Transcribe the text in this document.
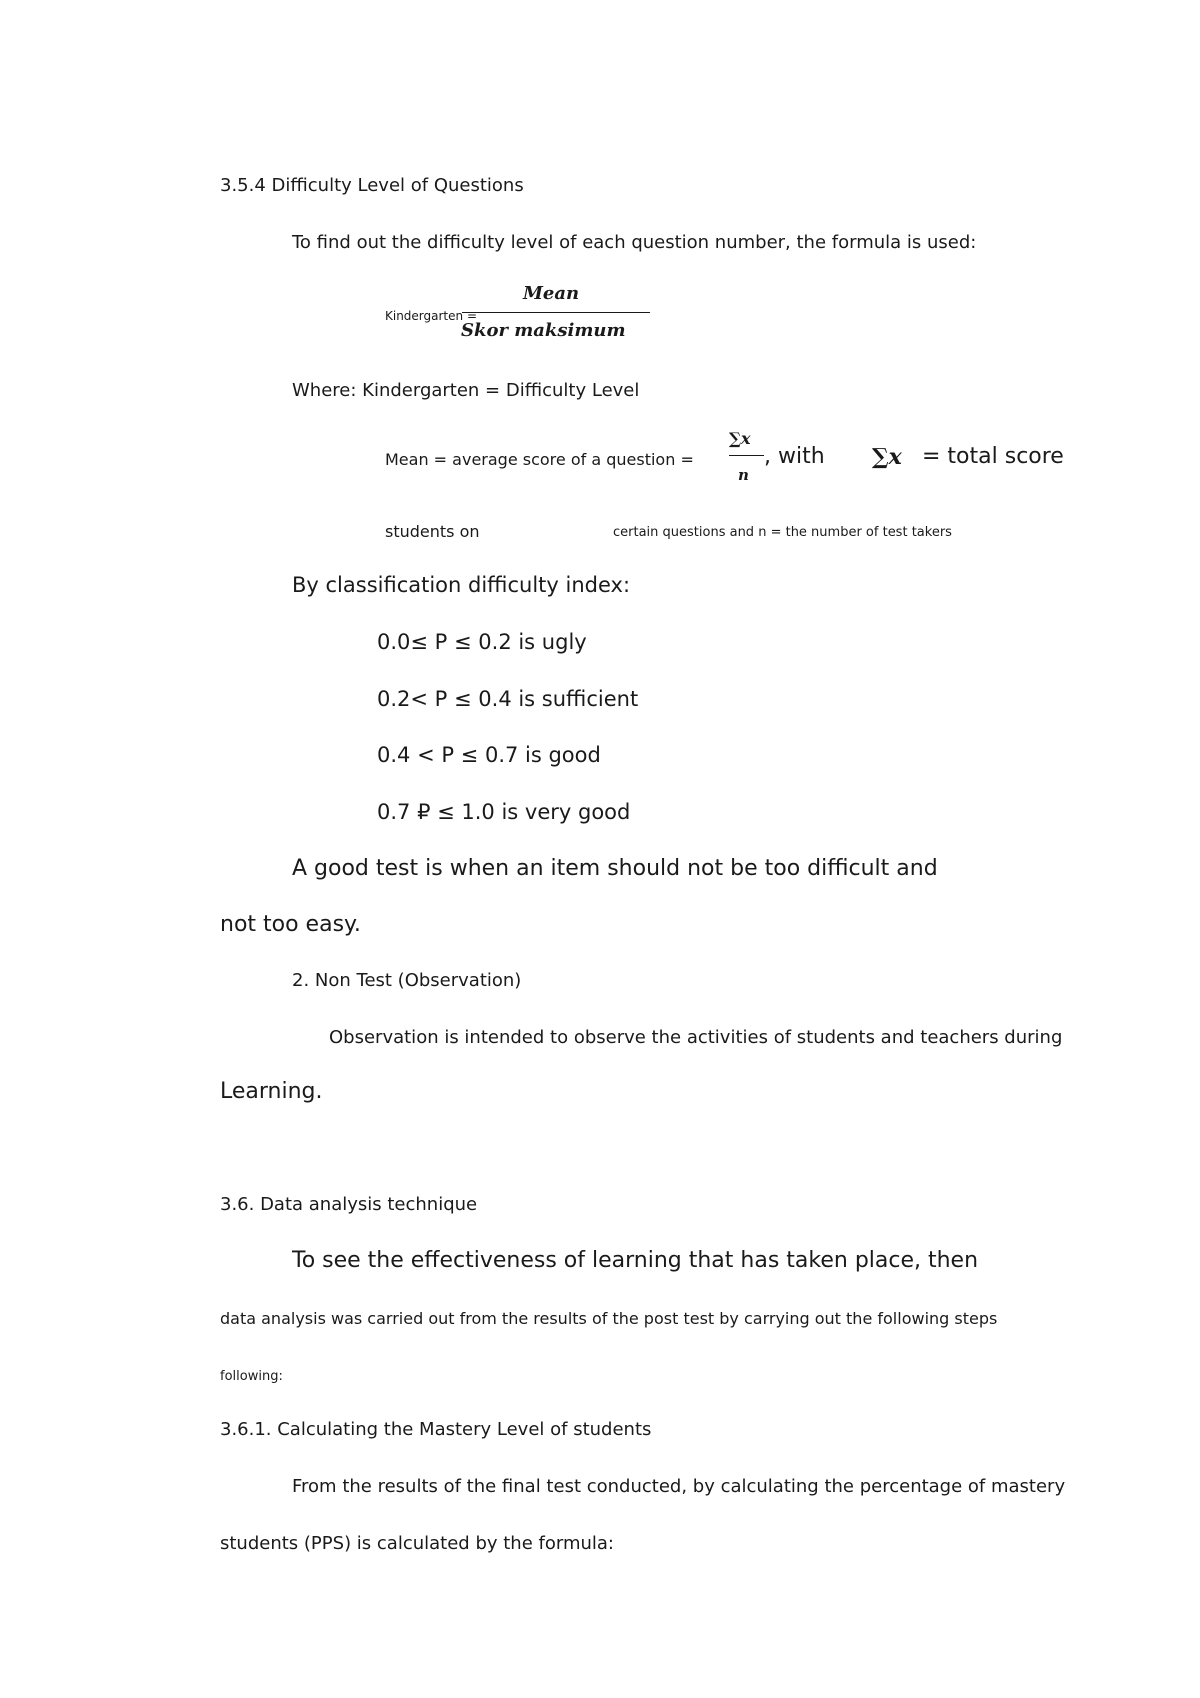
3.5.4 Difficulty Level of Questions
To find out the difficulty level of each question number, the formula is used:
Kindergarten =
Mean
Skor maksimum
Where: Kindergarten = Difficulty Level
Mean = average score of a question =
∑x
n
, with ∑x = total score
students on	certain questions and n = the number of test takers
By classification difficulty index:
0.0≤ P ≤ 0.2 is ugly
0.2< P ≤ 0.4 is sufficient
0.4 < P ≤ 0.7 is good
0.7 ₽ ≤ 1.0 is very good
A good test is when an item should not be too difficult and
not too easy.
2. Non Test (Observation)
Observation is intended to observe the activities of students and teachers during
Learning.
3.6. Data analysis technique
To see the effectiveness of learning that has taken place, then
data analysis was carried out from the results of the post test by carrying out the following steps
following:
3.6.1. Calculating the Mastery Level of students
From the results of the final test conducted, by calculating the percentage of mastery
students (PPS) is calculated by the formula:
